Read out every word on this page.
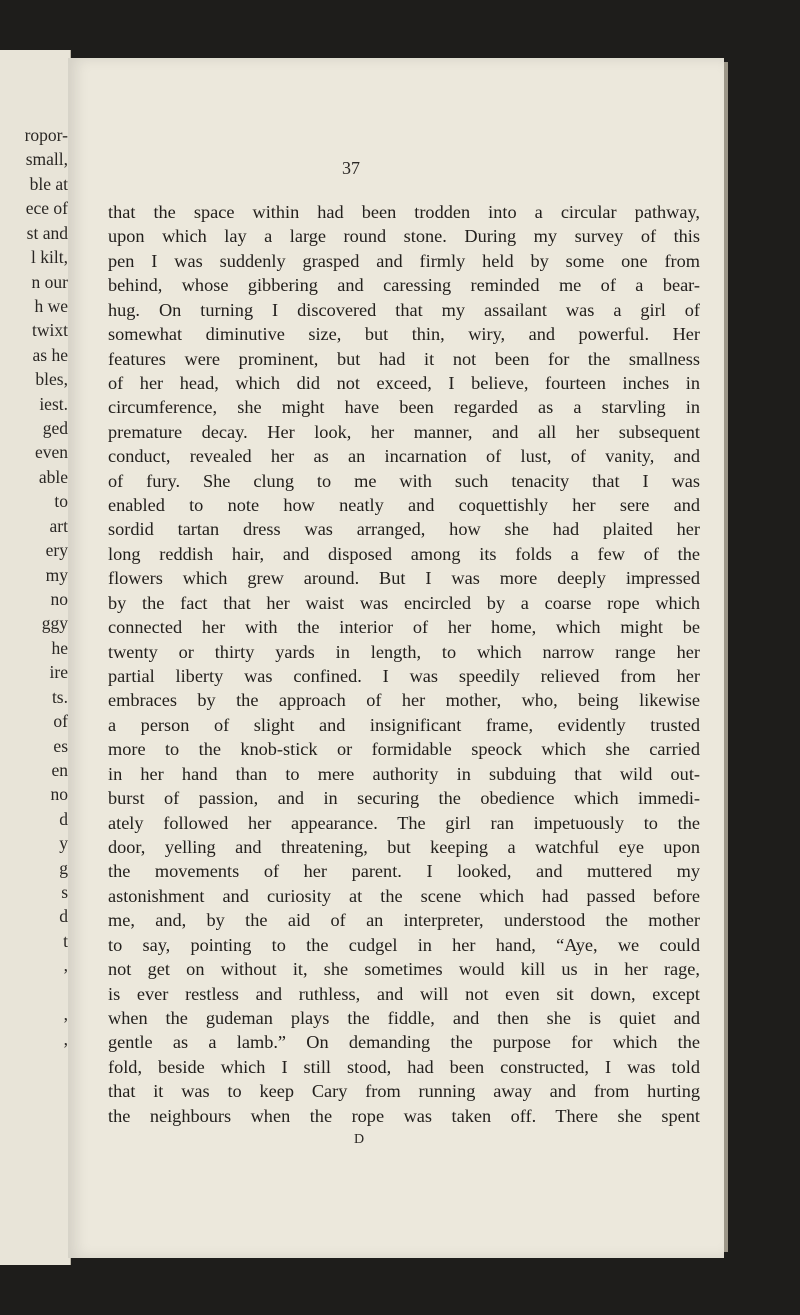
ropor-
small,
ble at
ece of
st and
l kilt,
n our
h we
twixt
as he
bles,
iest.
ged
even
able
to
art
ery
my
no
ggy
he
ire
ts.
of
es
en
no
d
y
g
s
d
t
,
,
,
37
that the space within had been trodden into a circular pathway,
upon which lay a large round stone. During my survey of this
pen I was suddenly grasped and firmly held by some one from
behind, whose gibbering and caressing reminded me of a bear-
hug. On turning I discovered that my assailant was a girl of
somewhat diminutive size, but thin, wiry, and powerful. Her
features were prominent, but had it not been for the smallness
of her head, which did not exceed, I believe, fourteen inches in
circumference, she might have been regarded as a starvling in
premature decay. Her look, her manner, and all her subsequent
conduct, revealed her as an incarnation of lust, of vanity, and
of fury. She clung to me with such tenacity that I was
enabled to note how neatly and coquettishly her sere and
sordid tartan dress was arranged, how she had plaited her
long reddish hair, and disposed among its folds a few of the
flowers which grew around. But I was more deeply impressed
by the fact that her waist was encircled by a coarse rope which
connected her with the interior of her home, which might be
twenty or thirty yards in length, to which narrow range her
partial liberty was confined. I was speedily relieved from her
embraces by the approach of her mother, who, being likewise
a person of slight and insignificant frame, evidently trusted
more to the knob-stick or formidable speock which she carried
in her hand than to mere authority in subduing that wild out-
burst of passion, and in securing the obedience which immedi-
ately followed her appearance. The girl ran impetuously to the
door, yelling and threatening, but keeping a watchful eye upon
the movements of her parent. I looked, and muttered my
astonishment and curiosity at the scene which had passed before
me, and, by the aid of an interpreter, understood the mother
to say, pointing to the cudgel in her hand, “Aye, we could
not get on without it, she sometimes would kill us in her rage,
is ever restless and ruthless, and will not even sit down, except
when the gudeman plays the fiddle, and then she is quiet and
gentle as a lamb.” On demanding the purpose for which the
fold, beside which I still stood, had been constructed, I was told
that it was to keep Cary from running away and from hurting
the neighbours when the rope was taken off. There she spent
D
